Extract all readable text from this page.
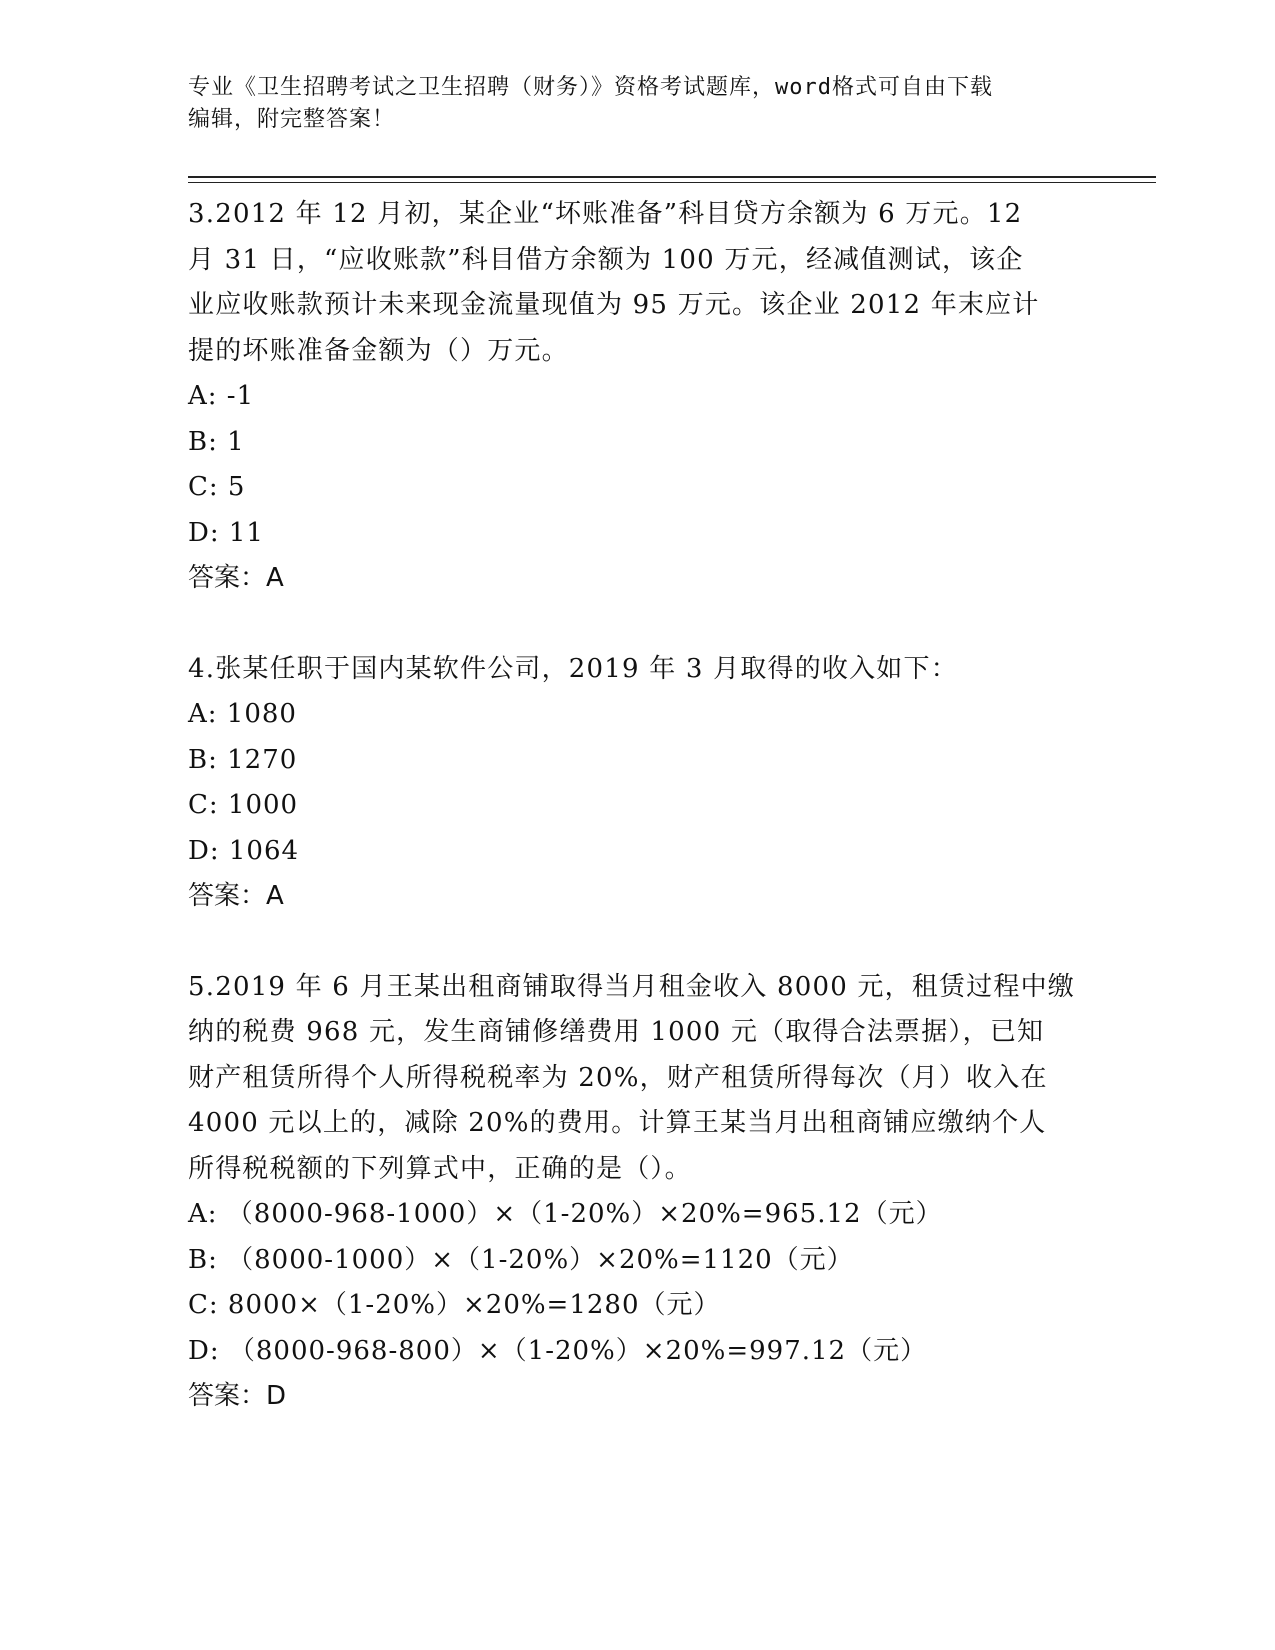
专业《卫生招聘考试之卫生招聘（财务）》资格考试题库，word格式可自由下载
编辑，附完整答案！
3.2012 年 12 月初，某企业“坏账准备”科目贷方余额为 6 万元。12
月 31 日，“应收账款”科目借方余额为 100 万元，经减值测试，该企
业应收账款预计未来现金流量现值为 95 万元。该企业 2012 年末应计
提的坏账准备金额为（）万元。
A: -1
B: 1
C: 5
D: 11
答案：A
4.张某任职于国内某软件公司，2019 年 3 月取得的收入如下：
A: 1080
B: 1270
C: 1000
D: 1064
答案：A
5.2019 年 6 月王某出租商铺取得当月租金收入 8000 元，租赁过程中缴
纳的税费 968 元，发生商铺修缮费用 1000 元（取得合法票据），已知
财产租赁所得个人所得税税率为 20%，财产租赁所得每次（月）收入在
4000 元以上的，减除 20%的费用。计算王某当月出租商铺应缴纳个人
所得税税额的下列算式中，正确的是（）。
A: （8000-968-1000）×（1-20%）×20%=965.12（元）
B: （8000-1000）×（1-20%）×20%=1120（元）
C: 8000×（1-20%）×20%=1280（元）
D: （8000-968-800）×（1-20%）×20%=997.12（元）
答案：D
